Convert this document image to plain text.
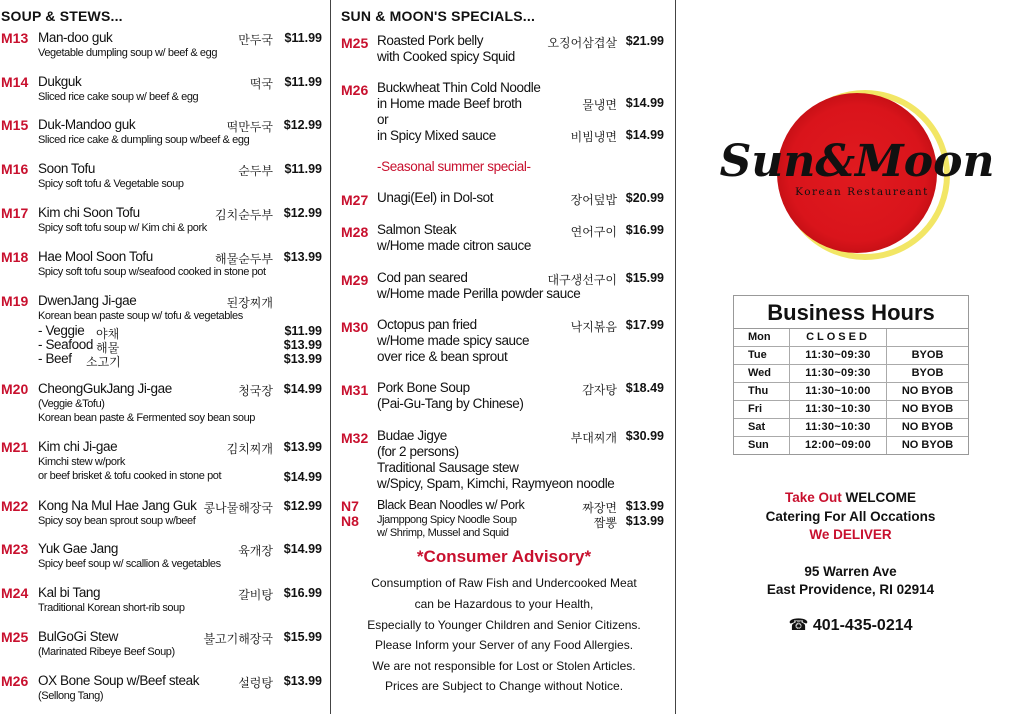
SOUP & STEWS...
M13 Man-doo guk	만두국 $11.99
Vegetable dumpling soup w/ beef & egg
M14 Dukguk	떡국 $11.99
Sliced rice cake soup w/ beef & egg
M15 Duk-Mandoo guk	떡만두국 $12.99
Sliced rice cake & dumpling soup w/beef & egg
M16 Soon Tofu	순두부 $11.99
Spicy soft tofu & Vegetable soup
M17 Kim chi Soon Tofu	김치순두부 $12.99
Spicy soft tofu soup w/ Kim chi & pork
M18 Hae Mool Soon Tofu	해물순두부 $13.99
Spicy soft tofu soup w/seafood cooked in stone pot
M19 DwenJang Ji-gae	된장찌개
Korean bean paste soup w/ tofu & vegetables
- Veggie 야채	$11.99
- Seafood 해물	$13.99
- Beef 소고기	$13.99
M20 CheongGukJang Ji-gae	청국장 $14.99
(Veggie &Tofu)
Korean bean paste & Fermented soy bean soup
M21 Kim chi Ji-gae	김치찌개 $13.99
Kimchi stew w/pork
or beef brisket & tofu cooked in stone pot	$14.99
M22 Kong Na Mul Hae Jang Guk 콩나물해장국 $12.99
Spicy soy bean sprout soup w/beef
M23 Yuk Gae Jang	육개장 $14.99
Spicy beef soup w/ scallion & vegetables
M24 Kal bi Tang	갈비탕 $16.99
Traditional Korean short-rib soup
M25 BulGoGi Stew	불고기해장국 $15.99
(Marinated Ribeye Beef Soup)
M26 OX Bone Soup w/Beef steak	설렁탕 $13.99
(Sellong Tang)
SUN & MOON'S SPECIALS...
M25 Roasted Pork belly
with Cooked spicy Squid
오징어삼겹살 $21.99
M26 Buckwheat Thin Cold Noodle
in Home made Beef broth	물냉면 $14.99
or
in Spicy Mixed sauce	비빔냉면 $14.99
-Seasonal summer special-
M27 Unagi(Eel) in Dol-sot	장어덮밥 $20.99
M28 Salmon Steak
w/Home made citron sauce
연어구이 $16.99
M29 Cod pan seared
w/Home made Perilla powder sauce
대구생선구이 $15.99
M30 Octopus pan fried
w/Home made spicy sauce
over rice & bean sprout
낙지볶음 $17.99
M31 Pork Bone Soup
(Pai-Gu-Tang by Chinese)
감자탕 $18.49
M32 Budae Jigye
(for 2 persons)
Traditional Sausage stew
w/Spicy, Spam, Kimchi, Raymyeon noodle
부대찌개 $30.99
N7 Black Bean Noodles w/ Pork	짜장면 $13.99
N8 Jjamppong Spicy Noodle Soup
w/ Shrimp, Mussel and Squid
짬뽕 $13.99
*Consumer Advisory*
Consumption of Raw Fish and Undercooked Meat
can be Hazardous to your Health,
Especially to Younger Children and Senior Citizens.
Please Inform your Server of any Food Allergies.
We are not responsible for Lost or Stolen Articles.
Prices are Subject to Change without Notice.
Sun&Moon
Korean Restaureant
Business Hours
Mon	CLOSED
Tue	11:30~09:30	BYOB
Wed	11:30~09:30	BYOB
Thu	11:30~10:00	NO BYOB
Fri	11:30~10:30	NO BYOB
Sat	11:30~10:30	NO BYOB
Sun	12:00~09:00	NO BYOB
Take Out WELCOME
Catering For All Occations
We DELIVER
95 Warren Ave
East Providence, RI 02914
☎ 401-435-0214
